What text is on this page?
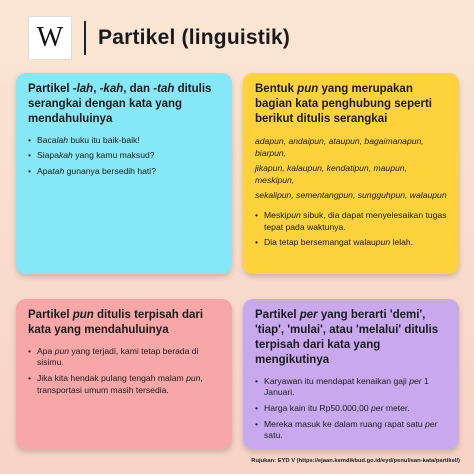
W	Partikel (linguistik)
Partikel -lah, -kah, dan -tah ditulis serangkai dengan kata yang mendahuluinya
• Bacalah buku itu baik-baik!
• Siapakah yang kamu maksud?
• Apatah gunanya bersedih hati?
Bentuk pun yang merupakan bagian kata penghubung seperti berikut ditulis serangkai
adapun, andaipun, ataupun, bagaimanapun, biarpun,
jikapun, kalaupun, kendatipun, maupun, meskipun,
sekalipun, sementangpun, sungguhpun, walaupun
• Meskipun sibuk, dia dapat menyelesaikan tugas tepat pada waktunya.
• Dia tetap bersemangat walaupun lelah.
Partikel pun ditulis terpisah dari kata yang mendahuluinya
• Apa pun yang terjadi, kami tetap berada di sisimu.
• Jika kita hendak pulang tengah malam pun, transportasi umum masih tersedia.
Partikel per yang berarti 'demi', 'tiap', 'mulai', atau 'melalui' ditulis terpisah dari kata yang mengikutinya
• Karyawan itu mendapat kenaikan gaji per 1 Januari.
• Harga kain itu Rp50.000,00 per meter.
• Mereka masuk ke dalam ruang rapat satu per satu.
Rujukan: EYD V (https://ejaan.kemdikbud.go.id/eyd/penulisan-kata/partikel/)
